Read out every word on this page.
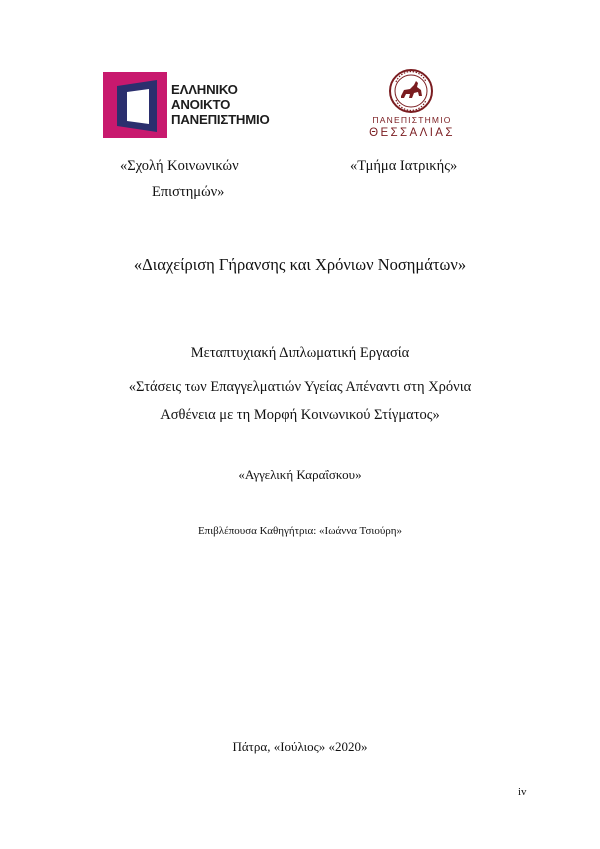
ΕΛΛΗΝΙΚΟ
ΑΝΟΙΚΤΟ
ΠΑΝΕΠΙΣΤΗΜΙΟ	ΠΑΝΕΠΙΣΤΗΜΙΟ
ΘΕΣΣΑΛΙΑΣ
«Σχολή Κοινωνικών
Επιστημών»
«Τμήμα Ιατρικής»
«Διαχείριση Γήρανσης και Χρόνιων Νοσημάτων»
Μεταπτυχιακή Διπλωματική Εργασία
«Στάσεις των Επαγγελματιών Υγείας Απέναντι στη Χρόνια
Ασθένεια με τη Μορφή Κοινωνικού Στίγματος»
«Αγγελική Καραΐσκου»
Επιβλέπουσα Καθηγήτρια: «Ιωάννα Τσιούρη»
Πάτρα, «Ιούλιος» «2020»
iv
